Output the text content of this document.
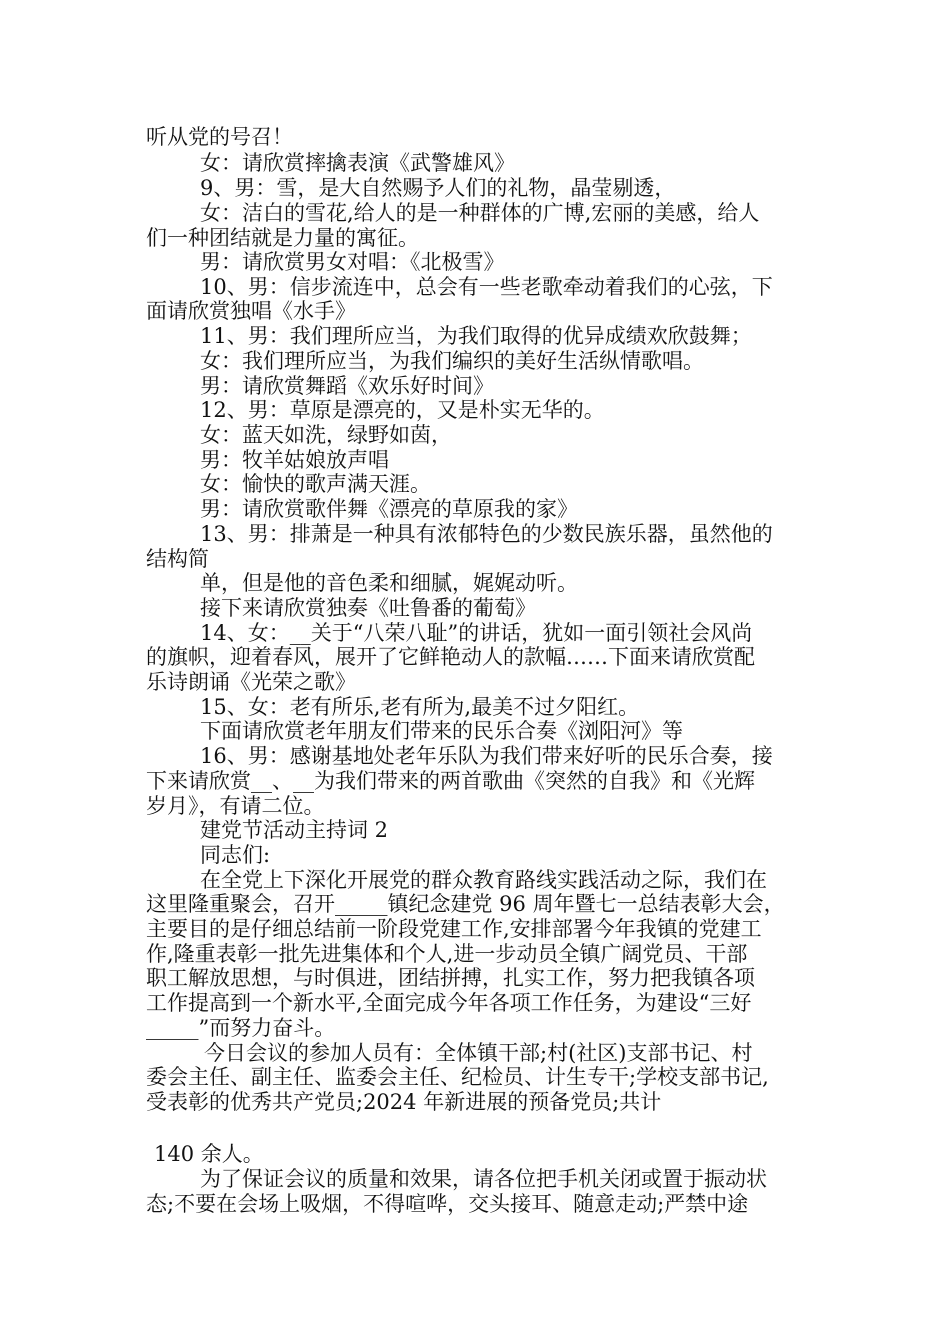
听从党的号召！
女：请欣赏摔擒表演《武警雄风》
9、男：雪，是大自然赐予人们的礼物，晶莹剔透，
女：洁白的雪花,给人的是一种群体的广博,宏丽的美感，给人
们一种团结就是力量的寓征。
男：请欣赏男女对唱：《北极雪》
10、男：信步流连中，总会有一些老歌牵动着我们的心弦，下
面请欣赏独唱《水手》
11、男：我们理所应当，为我们取得的优异成绩欢欣鼓舞；
女：我们理所应当，为我们编织的美好生活纵情歌唱。
男：请欣赏舞蹈《欢乐好时间》
12、男：草原是漂亮的，又是朴实无华的。
女：蓝天如洗，绿野如茵，
男：牧羊姑娘放声唱
女：愉快的歌声满天涯。
男：请欣赏歌伴舞《漂亮的草原我的家》
13、男：排萧是一种具有浓郁特色的少数民族乐器，虽然他的
结构简
单，但是他的音色柔和细腻，娓娓动听。
接下来请欣赏独奏《吐鲁番的葡萄》
14、女：__关于“八荣八耻”的讲话，犹如一面引领社会风尚
的旗帜，迎着春风，展开了它鲜艳动人的款幅……下面来请欣赏配
乐诗朗诵《光荣之歌》
15、女：老有所乐,老有所为,最美不过夕阳红。
下面请欣赏老年朋友们带来的民乐合奏《浏阳河》等
16、男：感谢基地处老年乐队为我们带来好听的民乐合奏，接
下来请欣赏__、__为我们带来的两首歌曲《突然的自我》和《光辉
岁月》，有请二位。
建党节活动主持词 2
同志们:
在全党上下深化开展党的群众教育路线实践活动之际，我们在
这里隆重聚会，召开_____镇纪念建党 96 周年暨七一总结表彰大会，
主要目的是仔细总结前一阶段党建工作,安排部署今年我镇的党建工
作,隆重表彰一批先进集体和个人,进一步动员全镇广阔党员、干部
职工解放思想，与时俱进，团结拼搏，扎实工作，努力把我镇各项
工作提高到一个新水平,全面完成今年各项工作任务，为建设“三好
_____”而努力奋斗。
今日会议的参加人员有：全体镇干部;村(社区)支部书记、村
委会主任、副主任、监委会主任、纪检员、计生专干;学校支部书记,
受表彰的优秀共产党员;2024 年新进展的预备党员;共计
140 余人。
为了保证会议的质量和效果，请各位把手机关闭或置于振动状
态;不要在会场上吸烟，不得喧哗，交头接耳、随意走动;严禁中途
